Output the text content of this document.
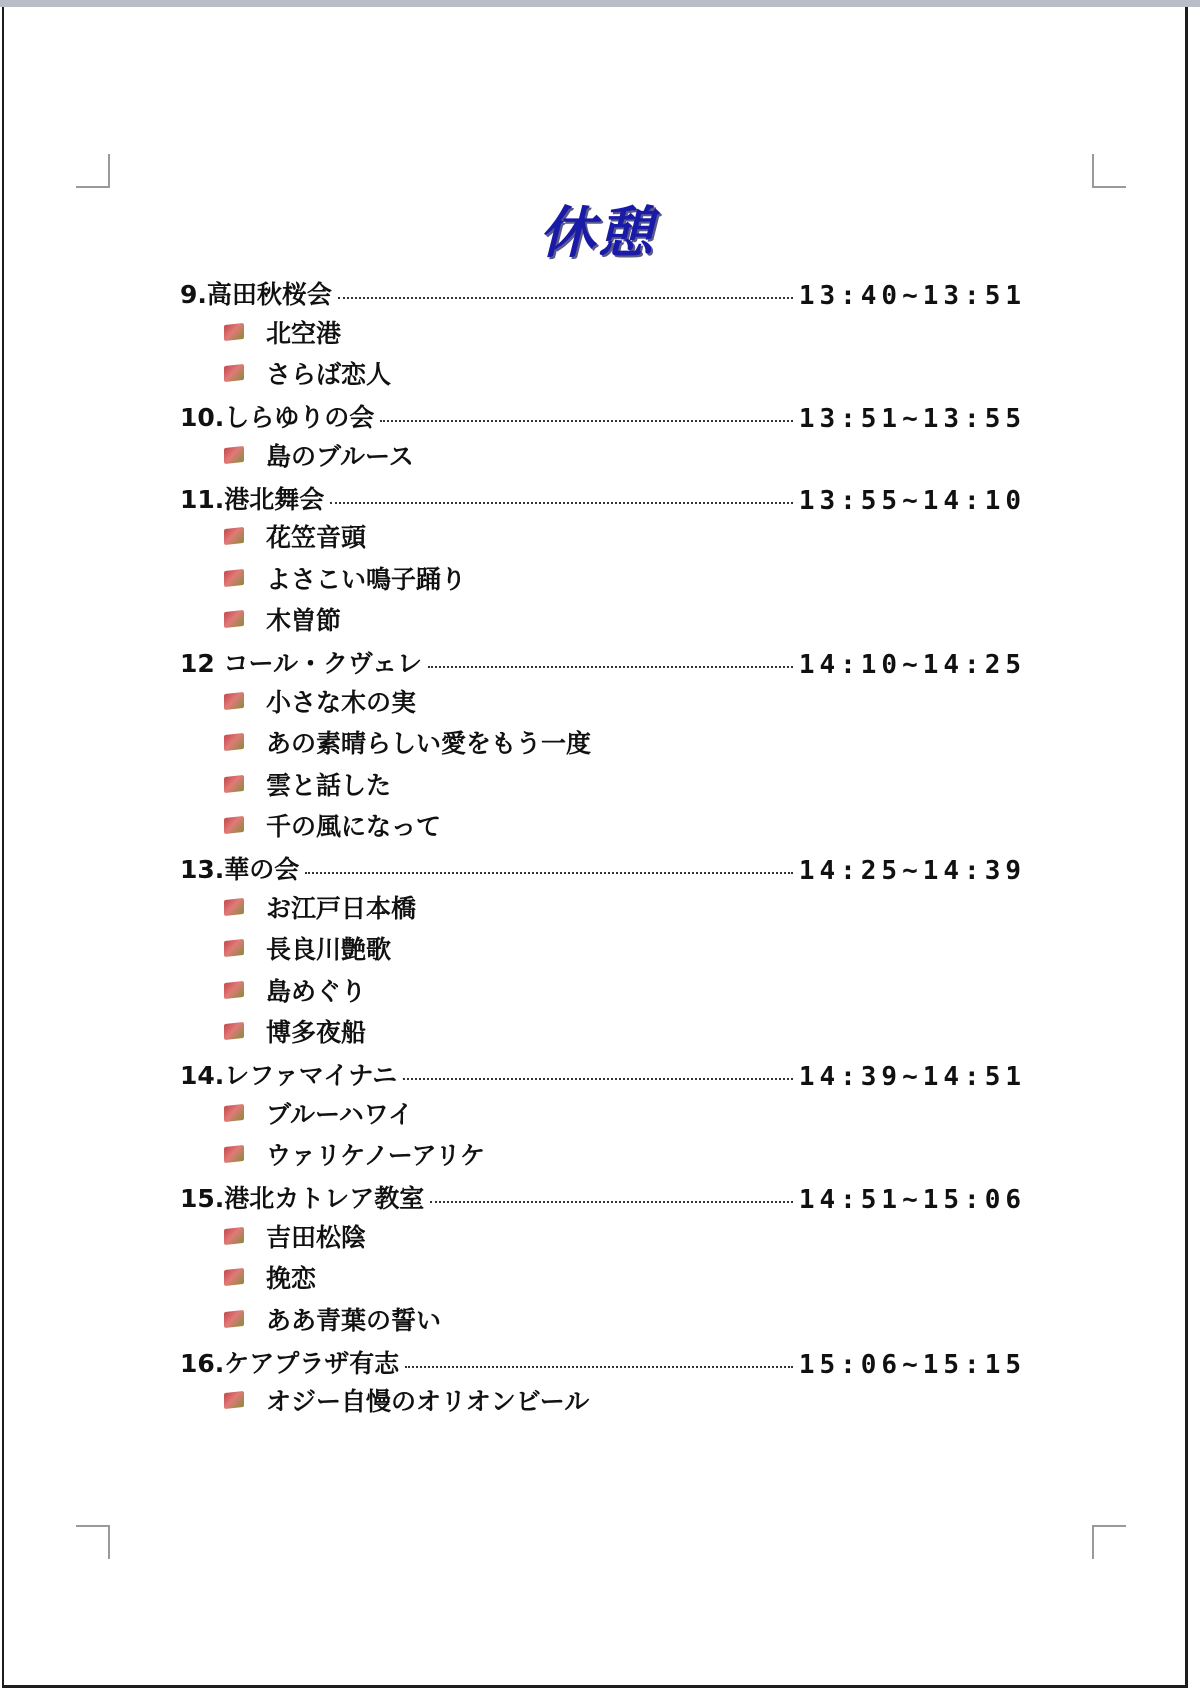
休憩
9.高田秋桜会	13:40~13:51
北空港
さらば恋人
10.しらゆりの会	13:51~13:55
島のブルース
11.港北舞会	13:55~14:10
花笠音頭
よさこい鳴子踊り
木曽節
12 コール・クヴェレ	14:10~14:25
小さな木の実
あの素晴らしい愛をもう一度
雲と話した
千の風になって
13.華の会	14:25~14:39
お江戸日本橋
長良川艶歌
島めぐり
博多夜船
14.レファマイナニ	14:39~14:51
ブルーハワイ
ウァリケノーアリケ
15.港北カトレア教室	14:51~15:06
吉田松陰
挽恋
ああ青葉の誓い
16.ケアプラザ有志	15:06~15:15
オジー自慢のオリオンビール
